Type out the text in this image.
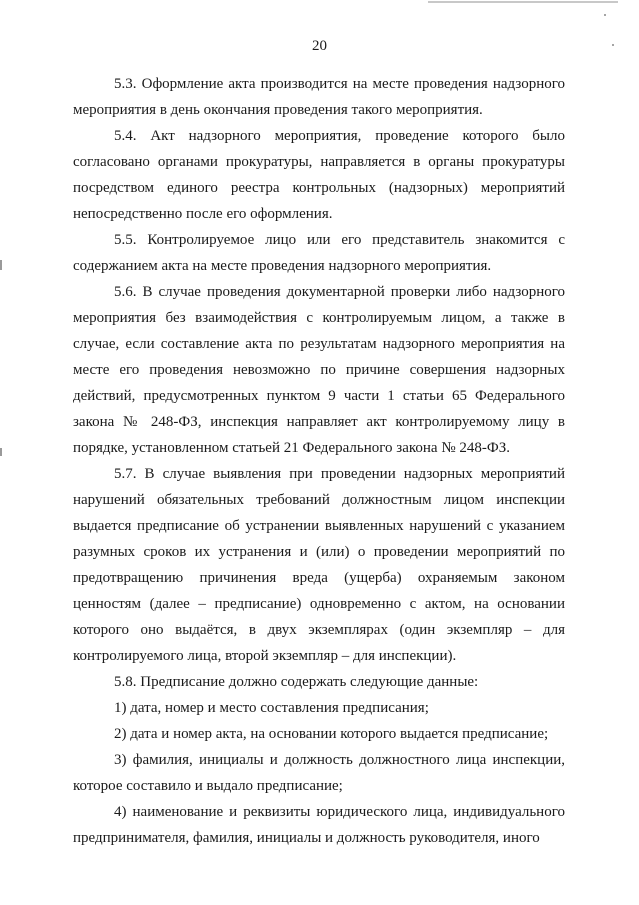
20

5.3. Оформление акта производится на месте проведения надзорного мероприятия в день окончания проведения такого мероприятия.

5.4. Акт надзорного мероприятия, проведение которого было согласовано органами прокуратуры, направляется в органы прокуратуры посредством единого реестра контрольных (надзорных) мероприятий непосредственно после его оформления.

5.5. Контролируемое лицо или его представитель знакомится с содержанием акта на месте проведения надзорного мероприятия.

5.6. В случае проведения документарной проверки либо надзорного мероприятия без взаимодействия с контролируемым лицом, а также в случае, если составление акта по результатам надзорного мероприятия на месте его проведения невозможно по причине совершения надзорных действий, предусмотренных пунктом 9 части 1 статьи 65 Федерального закона № 248-ФЗ, инспекция направляет акт контролируемому лицу в порядке, установленном статьей 21 Федерального закона № 248-ФЗ.

5.7. В случае выявления при проведении надзорных мероприятий нарушений обязательных требований должностным лицом инспекции выдается предписание об устранении выявленных нарушений с указанием разумных сроков их устранения и (или) о проведении мероприятий по предотвращению причинения вреда (ущерба) охраняемым законом ценностям (далее – предписание) одновременно с актом, на основании которого оно выдаётся, в двух экземплярах (один экземпляр – для контролируемого лица, второй экземпляр – для инспекции).

5.8. Предписание должно содержать следующие данные:

1) дата, номер и место составления предписания;

2) дата и номер акта, на основании которого выдается предписание;

3) фамилия, инициалы и должность должностного лица инспекции, которое составило и выдало предписание;

4) наименование и реквизиты юридического лица, индивидуального предпринимателя, фамилия, инициалы и должность руководителя, иного
